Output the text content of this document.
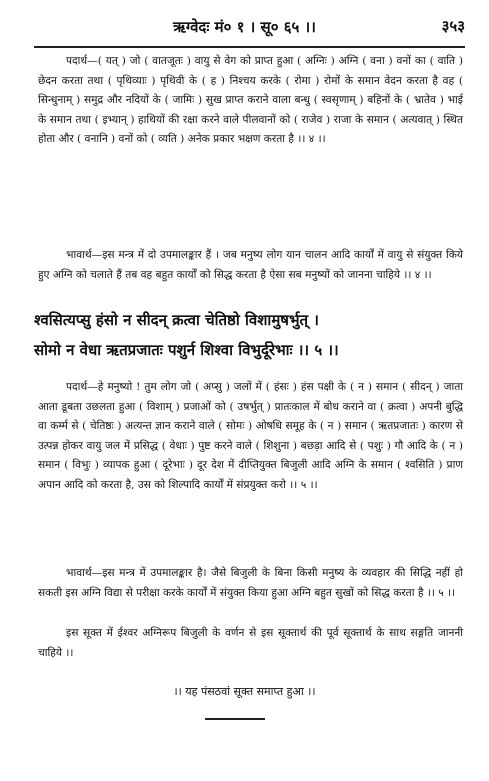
ऋग्वेदः मं० १ । सू० ६५ ।।	३५३
पदार्थ—( यत् ) जो ( वातजूतः ) वायु से वेग को प्राप्त हुआ ( अग्निः ) अग्नि ( वना ) वनों का ( वाति ) छेदन करता तथा ( पृथिव्याः ) पृथिवी के ( ह ) निश्चय करके ( रोमा ) रोमों के समान वेदन करता है वह ( सिन्धुनाम् ) समुद्र और नदियों के ( जामिः ) सुख प्राप्त कराने वाला बन्धु ( स्वसृणाम् ) बहिनों के ( भ्रातेव ) भाई के समान तथा ( इभ्यान् ) हाथियों की रक्षा करने वाले पीलवानों को ( राजेव ) राजा के समान ( अत्यवात् ) स्थित होता और ( वनानि ) वनों को ( व्यति ) अनेक प्रकार भक्षण करता है ।। ४ ।।
भावार्थ—इस मन्त्र में दो उपमालङ्कार हैं । जब मनुष्य लोग यान चालन आदि कार्यों में वायु से संयुक्त किये हुए अग्नि को चलाते हैं तब वह बहुत कार्यों को सिद्ध करता है ऐसा सब मनुष्यों को जानना चाहिये ।। ४ ।।
श्वसित्यप्सु हंसो न सीदन् क्रत्वा चेतिष्ठो विशामुषर्भुत् ।
सोमो न वेधा ऋतप्रजातः पशुर्न शिश्वा विभुर्दूरेभाः ।। ५ ।।
पदार्थ—हे मनुष्यो ! तुम लोग जो ( अप्सु ) जलों में ( हंसः ) हंस पक्षी के ( न ) समान ( सीदन् ) जाता आता डूबता उछलता हुआ ( विशाम् ) प्रजाओं को ( उषर्भुत् ) प्रातःकाल में बोध कराने वा ( क्रत्वा ) अपनी बुद्धि वा कर्म्म से ( चेतिष्ठः ) अत्यन्त ज्ञान कराने वाले ( सोमः ) ओषधि समूह के ( न ) समान ( ऋतप्रजातः ) कारण से उत्पन्न होकर वायु जल में प्रसिद्ध ( वेधाः ) पुष्ट करने वाले ( शिशुना ) बछड़ा आदि से ( पशुः ) गौ आदि के ( न ) समान ( विभुः ) व्यापक हुआ ( दूरेभाः ) दूर देश में दीप्तियुक्त बिजुली आदि अग्नि के समान ( श्वसिति ) प्राण अपान आदि को करता है, उस को शिल्पादि कार्यों में संप्रयुक्त करो ।। ५ ।।
भावार्थ—इस मन्त्र में उपमालङ्कार है। जैसे बिजुली के बिना किसी मनुष्य के व्यवहार की सिद्धि नहीं हो सकती इस अग्नि विद्या से परीक्षा करके कार्यों में संयुक्त किया हुआ अग्नि बहुत सुखों को सिद्ध करता है ।। ५ ।।
इस सूक्त में ईश्वर अग्निरूप बिजुली के वर्णन से इस सूक्तार्थ की पूर्व सूक्तार्थ के साथ सङ्गति जाननी चाहिये ।।
।। यह पंसठवां सूक्त समाप्त हुआ ।।
